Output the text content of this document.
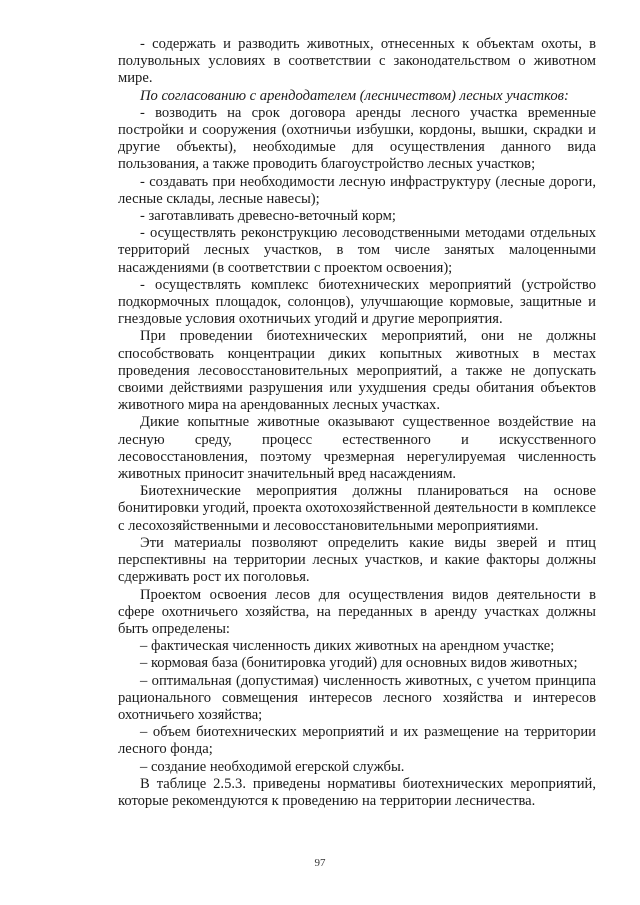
- содержать и разводить животных, отнесенных к объектам охоты, в полувольных условиях в соответствии с законодательством о животном мире.

По согласованию с арендодателем (лесничеством) лесных участков:

- возводить на срок договора аренды лесного участка временные постройки и сооружения (охотничьи избушки, кордоны, вышки, скрадки и другие объекты), необходимые для осуществления данного вида пользования, а также проводить благоустройство лесных участков;

- создавать при необходимости лесную инфраструктуру (лесные дороги, лесные склады, лесные навесы);

- заготавливать древесно-веточный корм;

- осуществлять реконструкцию лесоводственными методами отдельных территорий лесных участков, в том числе занятых малоценными насаждениями (в соответствии с проектом освоения);

- осуществлять комплекс биотехнических мероприятий (устройство подкормочных площадок, солонцов), улучшающие кормовые, защитные и гнездовые условия охотничьих угодий и другие мероприятия.

При проведении биотехнических мероприятий, они не должны способствовать концентрации диких копытных животных в местах проведения лесовосстановительных мероприятий, а также не допускать своими действиями разрушения или ухудшения среды обитания объектов животного мира на арендованных лесных участках.

Дикие копытные животные оказывают существенное воздействие на лесную среду, процесс естественного и искусственного лесовосстановления, поэтому чрезмерная нерегулируемая численность животных приносит значительный вред насаждениям.

Биотехнические мероприятия должны планироваться на основе бонитировки угодий, проекта охотохозяйственной деятельности в комплексе с лесохозяйственными и лесовосстановительными мероприятиями.

Эти материалы позволяют определить какие виды зверей и птиц перспективны на территории лесных участков, и какие факторы должны сдерживать рост их поголовья.

Проектом освоения лесов для осуществления видов деятельности в сфере охотничьего хозяйства, на переданных в аренду участках должны быть определены:

– фактическая численность диких животных на арендном участке;

– кормовая база (бонитировка угодий) для основных видов животных;

– оптимальная (допустимая) численность животных, с учетом принципа рационального совмещения интересов лесного хозяйства и интересов охотничьего хозяйства;

– объем биотехнических мероприятий и их размещение на территории лесного фонда;

– создание необходимой егерской службы.

В таблице 2.5.3. приведены нормативы биотехнических мероприятий, которые рекомендуются к проведению на территории лесничества.

97
